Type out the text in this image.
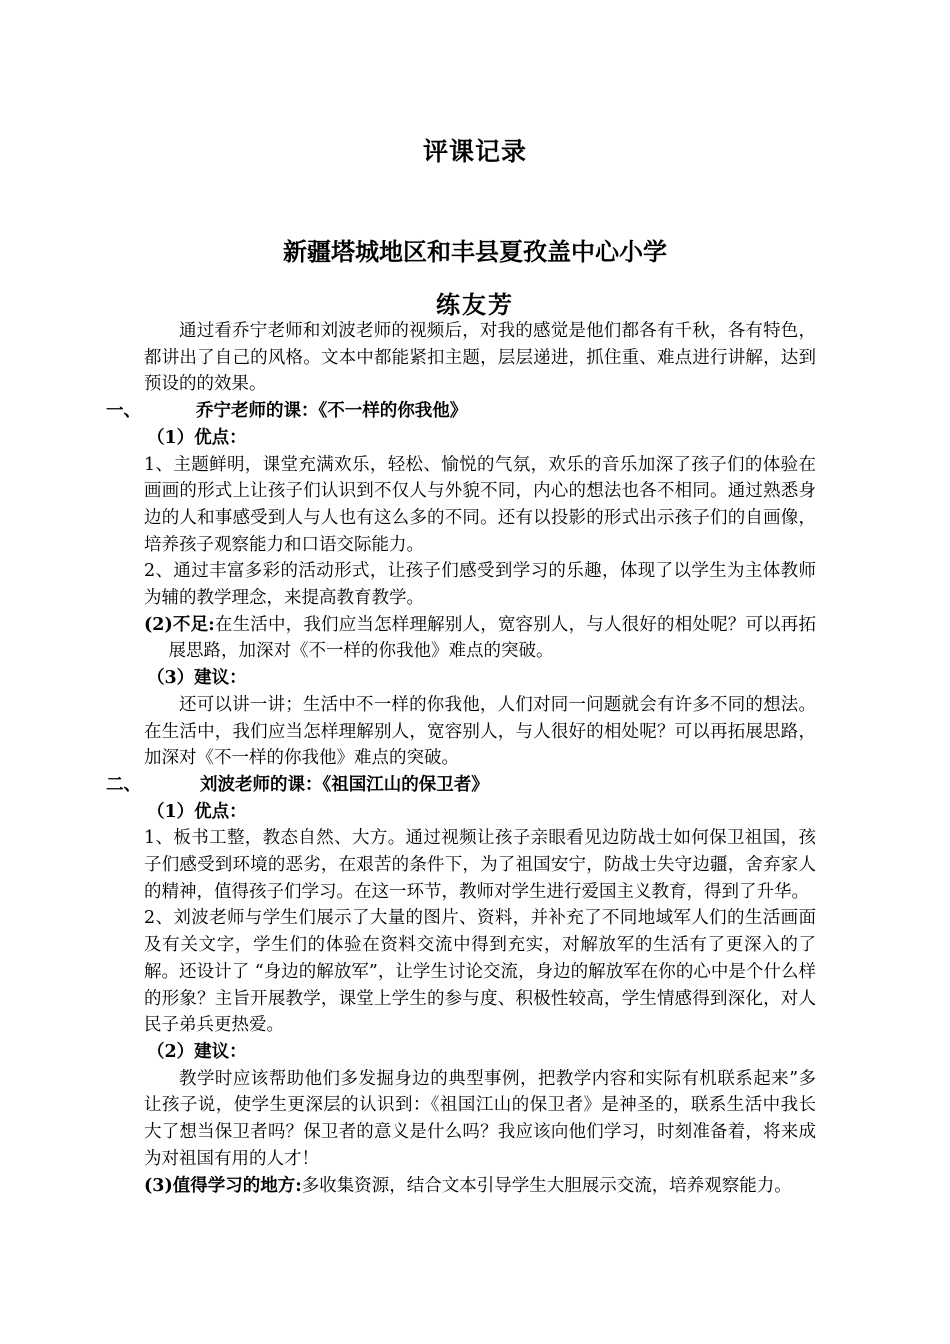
评课记录
新疆塔城地区和丰县夏孜盖中心小学
练友芳

通过看乔宁老师和刘波老师的视频后，对我的感觉是他们都各有千秋，各有特色，都讲出了自己的风格。文本中都能紧扣主题，层层递进，抓住重、难点进行讲解，达到预设的的效果。

一、	乔宁老师的课：《不一样的你我他》

（1）优点：

1、主题鲜明，课堂充满欢乐，轻松、愉悦的气氛，欢乐的音乐加深了孩子们的体验在画画的形式上让孩子们认识到不仅人与外貌不同，内心的想法也各不相同。通过熟悉身边的人和事感受到人与人也有这么多的不同。还有以投影的形式出示孩子们的自画像，培养孩子观察能力和口语交际能力。

2、通过丰富多彩的活动形式，让孩子们感受到学习的乐趣，体现了以学生为主体教师为辅的教学理念，来提高教育教学。

(2)不足:在生活中，我们应当怎样理解别人，宽容别人，与人很好的相处呢？可以再拓展思路，加深对《不一样的你我他》难点的突破。

（3）建议：

还可以讲一讲；生活中不一样的你我他，人们对同一问题就会有许多不同的想法。在生活中，我们应当怎样理解别人，宽容别人，与人很好的相处呢？可以再拓展思路，加深对《不一样的你我他》难点的突破。

二、	刘波老师的课：《祖国江山的保卫者》

（1）优点：

1、板书工整，教态自然、大方。通过视频让孩子亲眼看见边防战士如何保卫祖国，孩子们感受到环境的恶劣，在艰苦的条件下，为了祖国安宁，防战士失守边疆，舍弃家人的精神，值得孩子们学习。在这一环节，教师对学生进行爱国主义教育，得到了升华。

2、刘波老师与学生们展示了大量的图片、资料，并补充了不同地域军人们的生活画面及有关文字，学生们的体验在资料交流中得到充实，对解放军的生活有了更深入的了解。还设计了 “身边的解放军”，让学生讨论交流，身边的解放军在你的心中是个什么样的形象？主旨开展教学，课堂上学生的参与度、积极性较高，学生情感得到深化，对人民子弟兵更热爱。

（2）建议：

教学时应该帮助他们多发掘身边的典型事例，把教学内容和实际有机联系起来”多让孩子说，使学生更深层的认识到：《祖国江山的保卫者》是神圣的，联系生活中我长大了想当保卫者吗？保卫者的意义是什么吗？我应该向他们学习，时刻准备着，将来成为对祖国有用的人才！

(3)值得学习的地方:多收集资源，结合文本引导学生大胆展示交流，培养观察能力。
